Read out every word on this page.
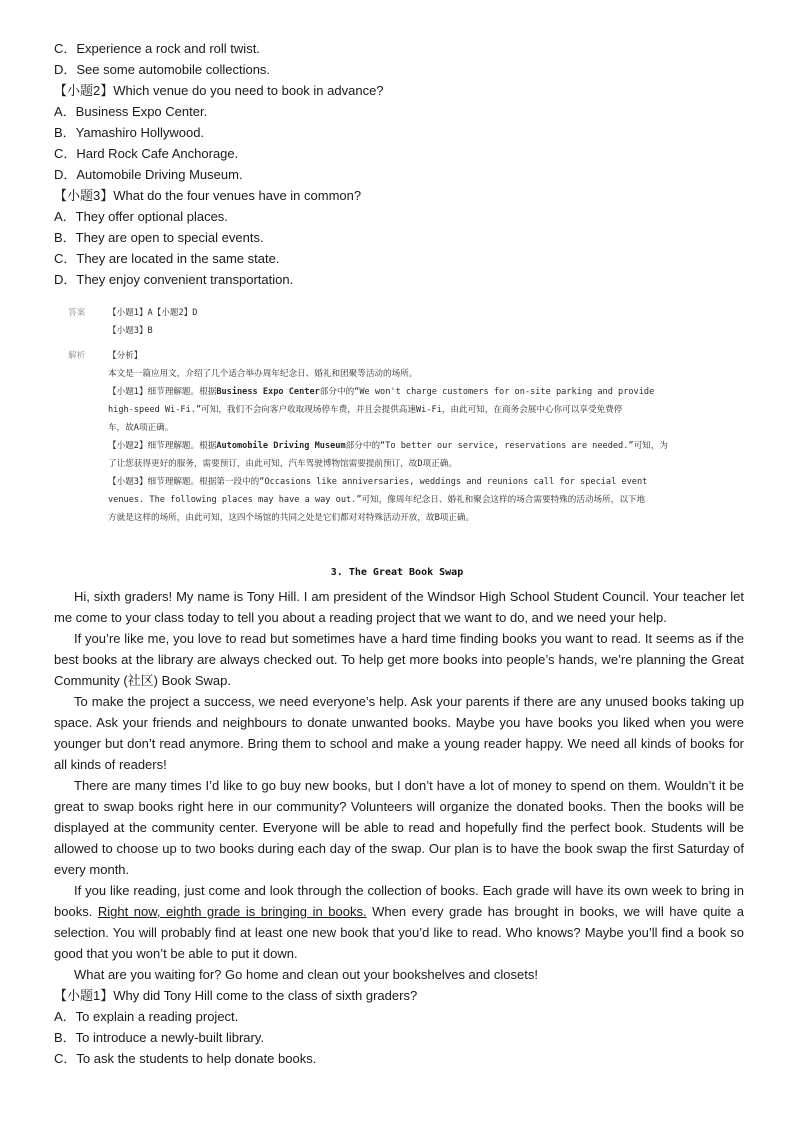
C．Experience a rock and roll twist.
D．See some automobile collections.
【小题2】Which venue do you need to book in advance?
A．Business Expo Center.
B．Yamashiro Hollywood.
C．Hard Rock Cafe Anchorage.
D．Automobile Driving Museum.
【小题3】What do the four venues have in common?
A．They offer optional places.
B．They are open to special events.
C．They are located in the same state.
D．They enjoy convenient transportation.
答案	【小题1】A【小题2】D
【小题3】B
解析	【分析】
本文是一篇应用文，介绍了几个适合举办周年纪念日、婚礼和团聚等活动的场所。
【小题1】细节理解题。根据Business Expo Center部分中的“We won't charge customers for on-site parking and provide
high-speed Wi-Fi.”可知，我们不会向客户收取现场停车费，并且会提供高速Wi-Fi，由此可知，在商务会展中心你可以享受免费停
车，故A项正确。
【小题2】细节理解题。根据Automobile Driving Museum部分中的“To better our service, reservations are needed.”可知，为
了让您获得更好的服务，需要预订，由此可知，汽车驾驶博物馆需要提前预订，故D项正确。
【小题3】细节理解题。根据第一段中的“Occasions like anniversaries, weddings and reunions call for special event
venues. The following places may have a way out.”可知，像周年纪念日、婚礼和聚会这样的场合需要特殊的活动场所，以下地
方就是这样的场所，由此可知，这四个场馆的共同之处是它们都对对特殊活动开放，故B项正确。
3. The Great Book Swap
Hi, sixth graders! My name is Tony Hill. I am president of the Windsor High School Student Council. Your teacher let me come to your class today to tell you about a reading project that we want to do, and we need your help.
If you’re like me, you love to read but sometimes have a hard time finding books you want to read. It seems as if the best books at the library are always checked out. To help get more books into people’s hands, we’re planning the Great Community (社区) Book Swap.
To make the project a success, we need everyone’s help. Ask your parents if there are any unused books taking up space. Ask your friends and neighbours to donate unwanted books. Maybe you have books you liked when you were younger but don’t read anymore. Bring them to school and make a young reader happy. We need all kinds of books for all kinds of readers!
There are many times I’d like to go buy new books, but I don’t have a lot of money to spend on them. Wouldn’t it be great to swap books right here in our community? Volunteers will organize the donated books. Then the books will be displayed at the community center. Everyone will be able to read and hopefully find the perfect book. Students will be allowed to choose up to two books during each day of the swap. Our plan is to have the book swap the first Saturday of every month.
If you like reading, just come and look through the collection of books. Each grade will have its own week to bring in books. Right now, eighth grade is bringing in books. When every grade has brought in books, we will have quite a selection. You will probably find at least one new book that you’d like to read. Who knows? Maybe you’ll find a book so good that you won’t be able to put it down.
What are you waiting for? Go home and clean out your bookshelves and closets!
【小题1】Why did Tony Hill come to the class of sixth graders?
A．To explain a reading project.
B．To introduce a newly-built library.
C．To ask the students to help donate books.
